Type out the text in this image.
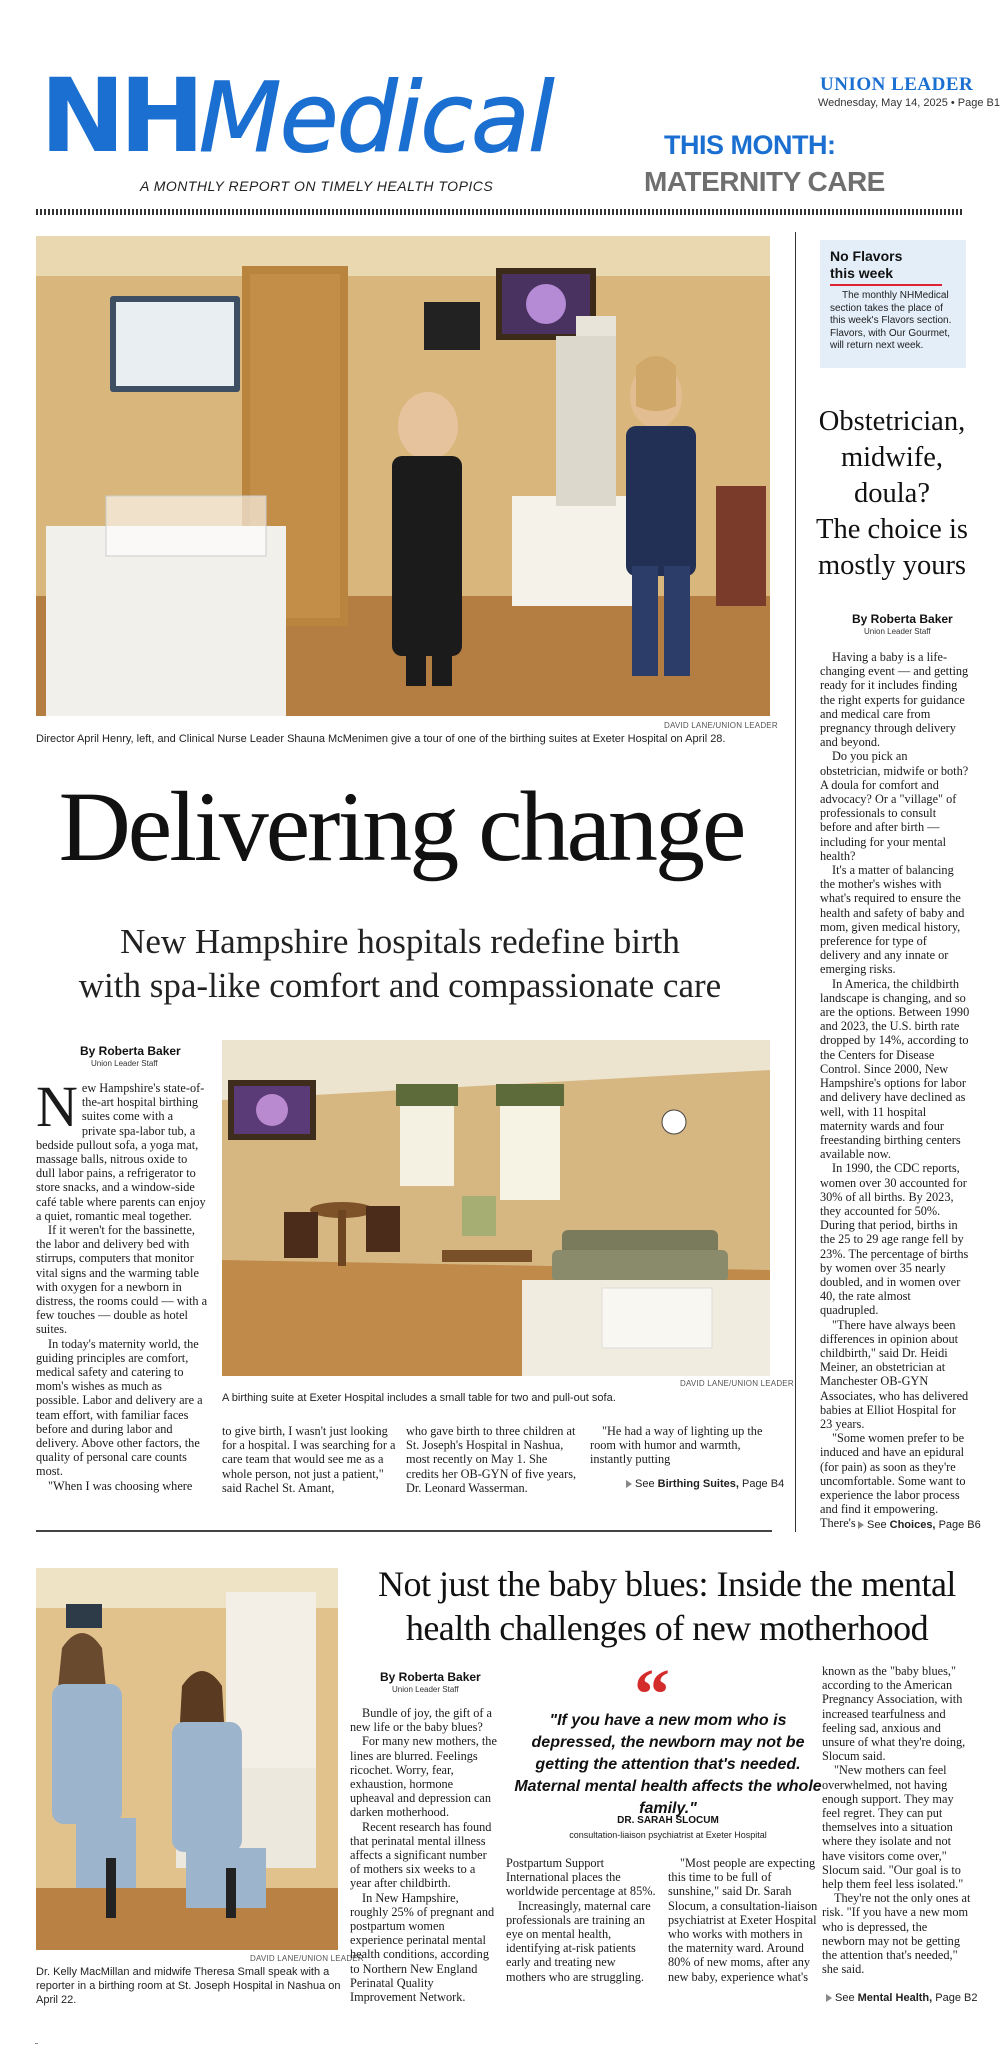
NHMedical
A MONTHLY REPORT ON TIMELY HEALTH TOPICS
UNION LEADER
Wednesday, May 14, 2025 • Page B1
THIS MONTH:
MATERNITY CARE
DAVID LANE/UNION LEADER
Director April Henry, left, and Clinical Nurse Leader Shauna McMenimen give a tour of one of the birthing suites at Exeter Hospital on April 28.
Delivering change
New Hampshire hospitals redefine birth
with spa-like comfort and compassionate care
By Roberta Baker
Union Leader Staff

New Hampshire's state-of-the-art hospital birthing suites come with a private spa-labor tub, a bedside pullout sofa, a yoga mat, massage balls, nitrous oxide to dull labor pains, a refrigerator to store snacks, and a window-side café table where parents can enjoy a quiet, romantic meal together.

If it weren't for the bassinette, the labor and delivery bed with stirrups, computers that monitor vital signs and the warming table with oxygen for a newborn in distress, the rooms could — with a few touches — double as hotel suites.

In today's maternity world, the guiding principles are comfort, medical safety and catering to mom's wishes as much as possible. Labor and delivery are a team effort, with familiar faces before and during labor and delivery. Above other factors, the quality of personal care counts most.

"When I was choosing where

DAVID LANE/UNION LEADER
A birthing suite at Exeter Hospital includes a small table for two and pull-out sofa.

to give birth, I wasn't just looking for a hospital. I was searching for a care team that would see me as a whole person, not just a patient," said Rachel St. Amant,

who gave birth to three children at St. Joseph's Hospital in Nashua, most recently on May 1. She credits her OB-GYN of five years, Dr. Leonard Wasserman.

"He had a way of lighting up the room with humor and warmth, instantly putting

See Birthing Suites, Page B4
No Flavors
this week
The monthly NHMedical section takes the place of this week's Flavors section. Flavors, with Our Gourmet, will return next week.
Obstetrician,
midwife,
doula?
The choice is
mostly yours
By Roberta Baker
Union Leader Staff

Having a baby is a life-changing event — and getting ready for it includes finding the right experts for guidance and medical care from pregnancy through delivery and beyond.

Do you pick an obstetrician, midwife or both? A doula for comfort and advocacy? Or a "village" of professionals to consult before and after birth — including for your mental health?

It's a matter of balancing the mother's wishes with what's required to ensure the health and safety of baby and mom, given medical history, preference for type of delivery and any innate or emerging risks.

In America, the childbirth landscape is changing, and so are the options. Between 1990 and 2023, the U.S. birth rate dropped by 14%, according to the Centers for Disease Control. Since 2000, New Hampshire's options for labor and delivery have declined as well, with 11 hospital maternity wards and four freestanding birthing centers available now.

In 1990, the CDC reports, women over 30 accounted for 30% of all births. By 2023, they accounted for 50%. During that period, births in the 25 to 29 age range fell by 23%. The percentage of births by women over 35 nearly doubled, and in women over 40, the rate almost quadrupled.

"There have always been differences in opinion about childbirth," said Dr. Heidi Meiner, an obstetrician at Manchester OB-GYN Associates, who has delivered babies at Elliot Hospital for 23 years.

"Some women prefer to be induced and have an epidural (for pain) as soon as they're uncomfortable. Some want to experience the labor process and find it empowering. There's	See Choices, Page B6
DAVID LANE/UNION LEADER
Dr. Kelly MacMillan and midwife Theresa Small speak with a reporter in a birthing room at St. Joseph Hospital in Nashua on April 22.
Not just the baby blues: Inside the mental
health challenges of new motherhood
By Roberta Baker
Union Leader Staff

Bundle of joy, the gift of a new life or the baby blues?

For many new mothers, the lines are blurred. Feelings ricochet. Worry, fear, exhaustion, hormone upheaval and depression can darken motherhood.

Recent research has found that perinatal mental illness affects a significant number of mothers six weeks to a year after childbirth.

In New Hampshire, roughly 25% of pregnant and postpartum women experience perinatal mental health conditions, according to Northern New England Perinatal Quality Improvement Network.

“
"If you have a new mom who is depressed, the newborn may not be getting the attention that's needed. Maternal mental health affects the whole family."
DR. SARAH SLOCUM
consultation-liaison psychiatrist at Exeter Hospital

Postpartum Support International places the worldwide percentage at 85%.

Increasingly, maternal care professionals are training an eye on mental health, identifying at-risk patients early and treating new mothers who are struggling.

"Most people are expecting this time to be full of sunshine," said Dr. Sarah Slocum, a consultation-liaison psychiatrist at Exeter Hospital who works with mothers in the maternity ward. Around 80% of new moms, after any new baby, experience what's

known as the "baby blues," according to the American Pregnancy Association, with increased tearfulness and feeling sad, anxious and unsure of what they're doing, Slocum said.

"New mothers can feel overwhelmed, not having enough support. They may feel regret. They can put themselves into a situation where they isolate and not have visitors come over," Slocum said. "Our goal is to help them feel less isolated."

They're not the only ones at risk. "If you have a new mom who is depressed, the newborn may not be getting the attention that's needed," she said.

See Mental Health, Page B2
